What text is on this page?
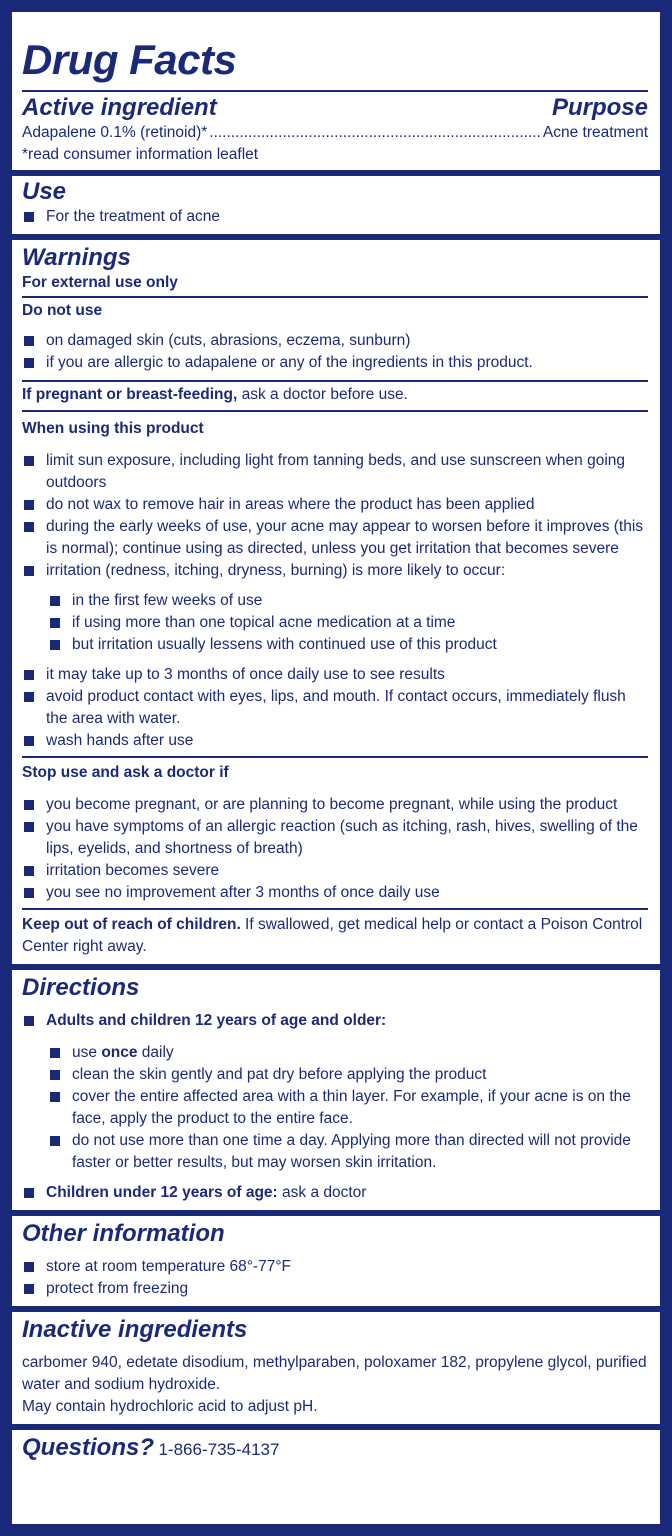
Drug Facts
Active ingredient	Purpose
Adapalene 0.1% (retinoid)*
.....	Acne treatment
*read consumer information leaflet
Use
For the treatment of acne
Warnings
For external use only
Do not use
on damaged skin (cuts, abrasions, eczema, sunburn)
if you are allergic to adapalene or any of the ingredients in this product.
If pregnant or breast-feeding, ask a doctor before use.
When using this product
limit sun exposure, including light from tanning beds, and use sunscreen when going outdoors
do not wax to remove hair in areas where the product has been applied
during the early weeks of use, your acne may appear to worsen before it improves (this is normal); continue using as directed, unless you get irritation that becomes severe
irritation (redness, itching, dryness, burning) is more likely to occur:
in the first few weeks of use
if using more than one topical acne medication at a time
but irritation usually lessens with continued use of this product
it may take up to 3 months of once daily use to see results
avoid product contact with eyes, lips, and mouth. If contact occurs, immediately flush the area with water.
wash hands after use
Stop use and ask a doctor if
you become pregnant, or are planning to become pregnant, while using the product
you have symptoms of an allergic reaction (such as itching, rash, hives, swelling of the lips, eyelids, and shortness of breath)
irritation becomes severe
you see no improvement after 3 months of once daily use
Keep out of reach of children. If swallowed, get medical help or contact a Poison Control Center right away.
Directions
Adults and children 12 years of age and older:
use once daily
clean the skin gently and pat dry before applying the product
cover the entire affected area with a thin layer. For example, if your acne is on the face, apply the product to the entire face.
do not use more than one time a day. Applying more than directed will not provide faster or better results, but may worsen skin irritation.
Children under 12 years of age: ask a doctor
Other information
store at room temperature 68°-77°F
protect from freezing
Inactive ingredients
carbomer 940, edetate disodium, methylparaben, poloxamer 182, propylene glycol, purified water and sodium hydroxide.
May contain hydrochloric acid to adjust pH.
Questions? 1-866-735-4137
